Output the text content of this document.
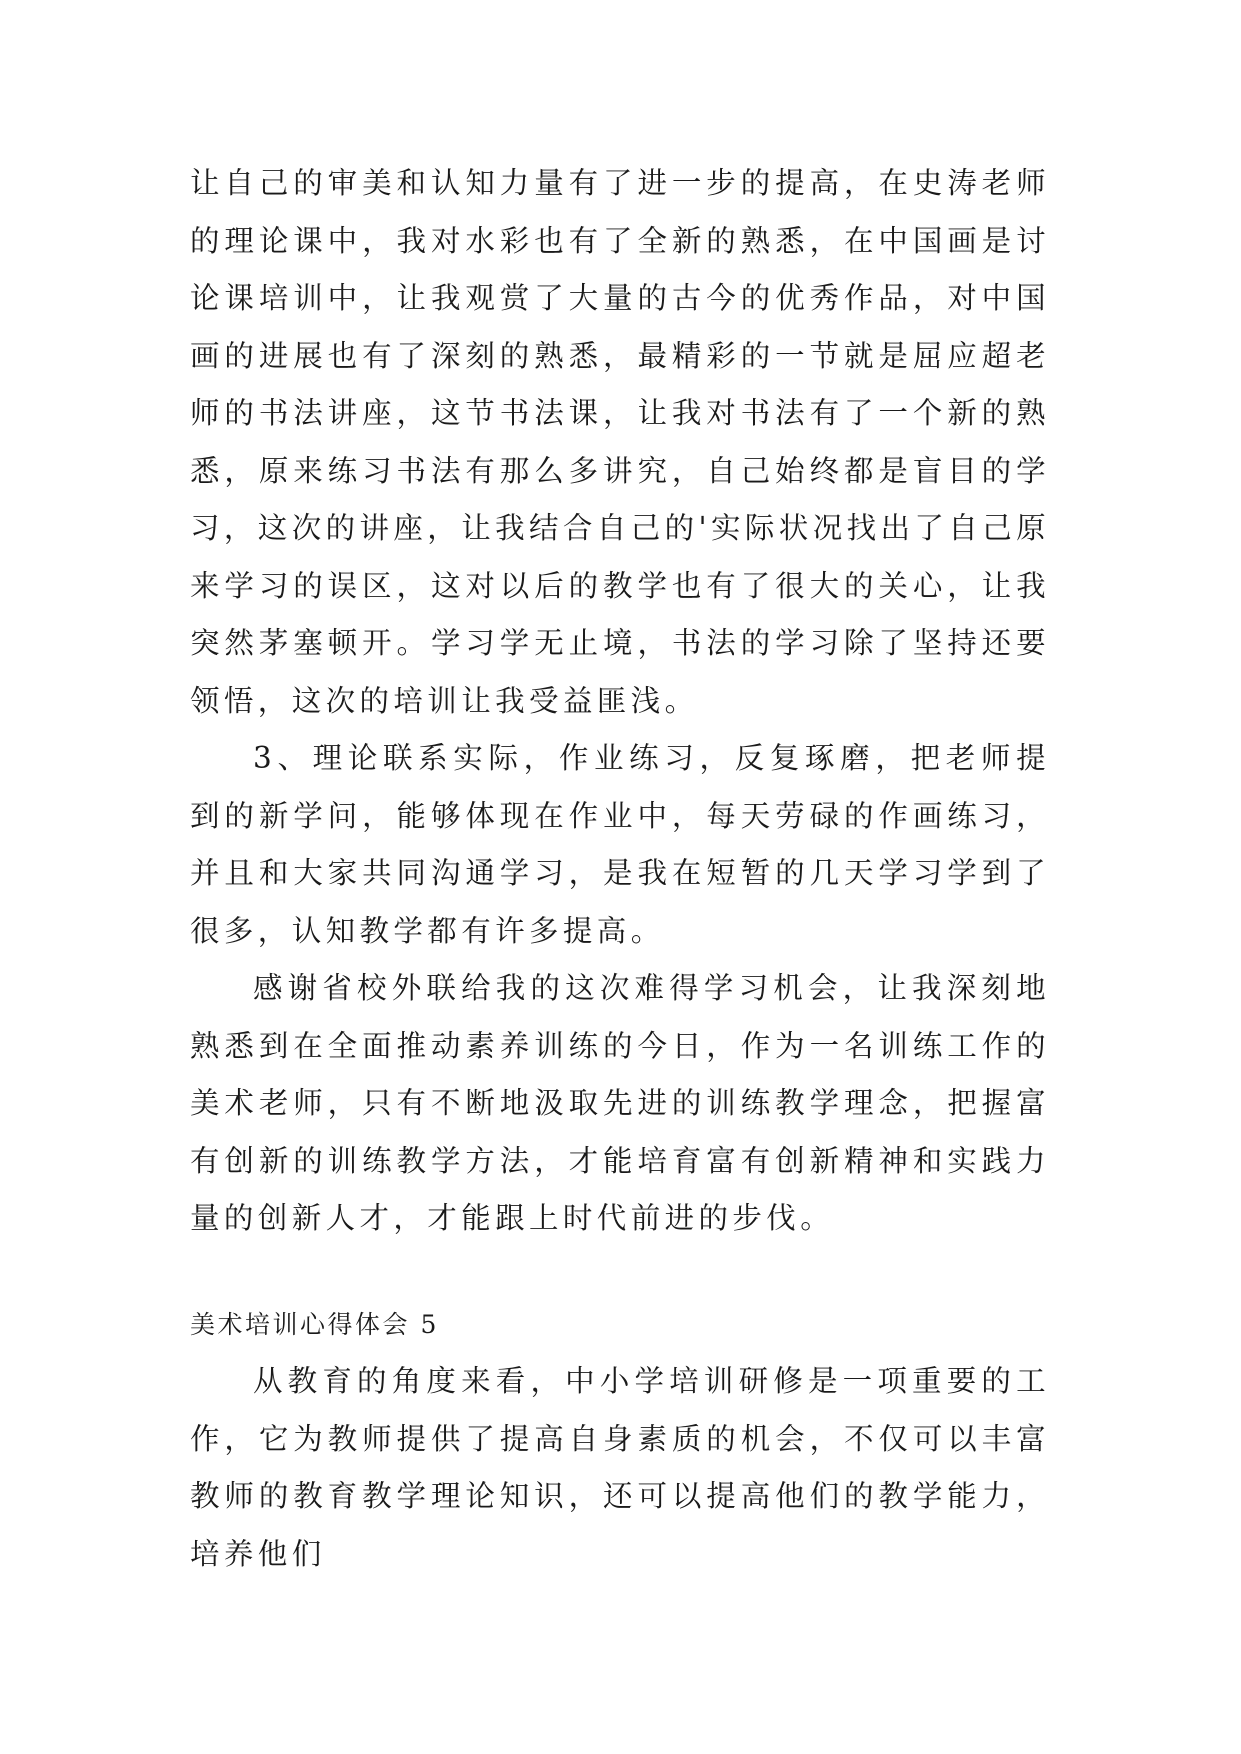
让自己的审美和认知力量有了进一步的提高，在史涛老师的理论课中，我对水彩也有了全新的熟悉，在中国画是讨论课培训中，让我观赏了大量的古今的优秀作品，对中国画的进展也有了深刻的熟悉，最精彩的一节就是屈应超老师的书法讲座，这节书法课，让我对书法有了一个新的熟悉，原来练习书法有那么多讲究，自己始终都是盲目的学习，这次的讲座，让我结合自己的'实际状况找出了自己原来学习的误区，这对以后的教学也有了很大的关心，让我突然茅塞顿开。学习学无止境，书法的学习除了坚持还要领悟，这次的培训让我受益匪浅。

3、理论联系实际，作业练习，反复琢磨，把老师提到的新学问，能够体现在作业中，每天劳碌的作画练习，并且和大家共同沟通学习，是我在短暂的几天学习学到了很多，认知教学都有许多提高。

感谢省校外联给我的这次难得学习机会，让我深刻地熟悉到在全面推动素养训练的今日，作为一名训练工作的美术老师，只有不断地汲取先进的训练教学理念，把握富有创新的训练教学方法，才能培育富有创新精神和实践力量的创新人才，才能跟上时代前进的步伐。

美术培训心得体会 5

从教育的角度来看，中小学培训研修是一项重要的工作，它为教师提供了提高自身素质的机会，不仅可以丰富教师的教育教学理论知识，还可以提高他们的教学能力，培养他们
